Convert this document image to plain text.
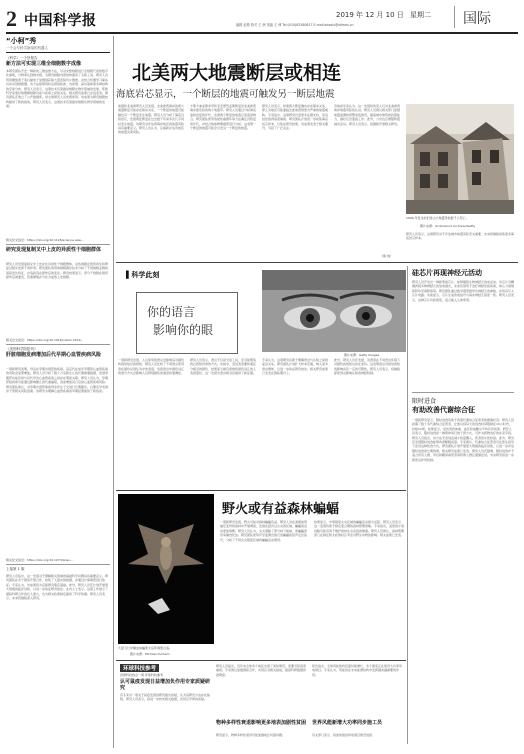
2 中国科学报	2019 年 12 月 10 日 星期二
编辑 赵路 校对 王 洲 美编 王 洲 Tel:(010)62580617 E-mail:zhaolu@stimes.cn	国际
“小柯”秀
一个会写科学新闻的机器人
《科学》一个快报告
新方法可实现三维全细胞数字成像
本研究团队开发一种新的三维成像方法，可对完整细胞进行全细胞尺度的数字化重建，分辨率达到纳米级，为研究细胞内部结构提供了全新工具。研究人员利用聚焦离子束扫描电子显微镜获取大量连续切片图像，并结合机器学习算法自动识别细胞器。该方法能够同时呈现线粒体、内质网、高尔基体等多种结构的空间分布。研究人员表示，这项技术有望推动细胞生物学领域的发展，帮助科学家更好地理解细胞功能与疾病之间的关系。相关研究成果已在线发表。研究团队还建立了公开数据库，供全球研究人员免费使用。该成果为研究细胞结构提供了新的视角。研究人员表示，这项技术有望推动细胞生物学领域的发展。
相关论文信息：https://doi.org/10.1126/science.aaw...
研究发现复制叉中上皮的异质性干细胞群体
研究人员发现复制叉中上皮存在异质性干细胞群体，这些细胞在组织再生和修复过程中发挥不同作用。研究团队利用单细胞测序技术分析了不同细胞亚群的基因表达特征，并追踪其在损伤后的变化。研究结果显示，部分干细胞在组织损伤后被激活，迅速增殖并分化为成熟上皮细胞。
相关论文信息：https://doi.org/10.1016/j.stem.2019...
《美国科学院院刊》
肝脏细胞发病增加后代早期心血管疾病风险
一项新研究表明，母亲在孕期出现肝脏疾病，其后代在成年早期患心血管疾病的风险会显著增加。研究人员分析了数十万名新生儿的长期健康数据，发现孕期肝功能异常与后代早发心血管疾病之间存在明显关联。研究人员认为，孕期肝脏疾病可能通过影响胎儿的代谢编程，进而增加其日后的心血管疾病风险。研究团队建议，对孕期出现肝病的母亲所生子女进行长期随访，以便及早发现并干预相关风险因素。该研究为理解心血管疾病的早期起源提供了新线索。
相关论文信息：https://doi.org/10.1073/pnas...
上接第 1 版
研究人员指出，这一发现对于理解相关领域的基础科学问题具有重要意义。研究团队在多个国家开展合作，收集了大量实验数据，并通过计算模型进行验证。专家认为，该成果将为后续研究奠定基础。此外，研究人员还计划开展更大规模的临床试验，以进一步验证研究结论。业内人士表示，这项工作展示了国际科研合作的巨大潜力，也为相关政策制定提供了科学依据。研究人员表示，未来将继续深入研究。
北美两大地震断层或相连
海底岩芯显示，一个断层的地震可触发另一断层地震
美国和北美洲研究人员发现，北美洲西海岸的两大地震断层可能存在联动关系，一个断层的地震可能触发另一个断层发生地震。研究人员分析了海底沉积岩芯，发现两处断层在过去数千年间多次几乎同时发生地震。该研究对评估西海岸地区的地震风险具有重要意义。研究人员认为，应重新评估该地区的地震灾害风险。
卡斯卡迪亚俯冲带和圣安德烈亚斯断层是北美洲西海岸最危险的两个地震带。研究人员通过分析海底浊积岩层的年代，发现两个断层的地震记录高度吻合。研究团队使用放射性碳测年等方法确定沉积层的年代，并结合地球物理模型进行分析。这表明一个断层的地震可能会引发另一个断层的地震。
研究人员表示，如果两大断层确实存在联动关系，那么该地区可能面临比此前预想更为严重的地震威胁。专家指出，这项研究仍需更多证据支持，但其结论值得高度重视。研究团队计划进一步收集海底岩芯样本，以验证研究结果。该成果发表于相关期刊，引起了广泛关注。
有地质学家认为，这一发现将改变人们对北美洲西海岸地震风险的认识。研究人员建议相关部门加强地震监测和预警系统建设，提高城市建筑的抗震能力，做好应急准备工作。此外，公众也应增强防震减灾意识。研究人员表示，将继续开展相关研究。
（鲁 柏）
1906 年发生的旧金山大地震导致数千人死亡。
图片来源：Underwood Archives/Getty
研究人员表示，这项研究对于评估城市地震风险至关重要，未来将继续收集更多海底岩芯样本。
▌科学此刻
你的语言
影响你的眼
图片来源：Getty Images
一项新研究发现，人们使用的语言会影响其对颜色和视觉信息的感知。研究人员比较了不同语言使用者在颜色识别任务中的表现，发现语言中颜色词汇的划分方式会影响人们辨别颜色的速度和准确性。
研究人员表示，语言不仅是交流工具，还可能塑造我们感知世界的方式。实验中，受试者需要快速区分相近的颜色，结果显示拥有更细致颜色词汇的人表现更好。这一发现为语言相对论提供了新证据。
专家认为，这项研究有助于理解语言与认知之间的复杂关系。研究团队计划扩大样本范围，纳入更多语言群体，以进一步验证研究结论。相关研究成果已发表在国际期刊上。
此外，研究人员还发现，双语者在不同语言环境下对颜色的感知也存在差异。这表明语言对视觉感知的影响具有一定的可塑性。研究人员表示，将继续探索语言影响认知的神经机制。
硅芯片再现神经元活动
研究人员开发出一种新型硅芯片，能够模拟生物神经元的电活动。该芯片可精确再现多种神经元的放电模式，未来有望用于治疗神经系统疾病，如心力衰竭和阿尔茨海默病等。研究团队通过数学模型推导出神经元的参数，并将其写入芯片电路。实验显示，芯片生成的电信号与真实神经元高度一致。研究人员表示，这种芯片功耗极低，适合植入人体使用。
限时进食
有助改善代谢综合征
一项新研究显示，限时进食有助于改善代谢综合征患者的健康状况。研究人员招募了数十名代谢综合征患者，让他们将每天的进食时间限制在10小时内，持续12周。结果显示，受试者的体重、血压和血糖水平均有所改善。研究人员表示，限时进食是一种简单易行的干预方式，可作为药物治疗的补充手段。研究人员指出，该方法无需刻意减少热量摄入，患者依从性较高。此外，研究还发现限时进食能够改善睡眠质量。专家建议，代谢综合征患者可在医生指导下尝试这种饮食方式。研究团队计划开展更大规模的临床试验，以进一步评估限时进食的长期效果。相关研究成果已发表。研究人员还强调，限时进食并不适合所有人群，孕妇和糖尿病患者等特殊人群应谨慎尝试。未来研究将进一步探索其作用机制。
大量飞行中捕虫棕蝠使火后环境更合适。
图片来源：Michael Durham
野火或有益森林蝙蝠
一项新研究发现，野火可能对森林蝙蝠有益。研究人员在美国加利福尼亚州的森林中开展调查，发现在经历过火灾的区域，蝙蝠的活动更加频繁。研究人员认为，火灾清除了部分林下植被，使蝙蝠更容易捕食昆虫。研究团队使用声学监测设备记录蝙蝠的回声定位信号，分析了不同火灾强度区域的蝙蝠活动情况。
结果显示，中等强度火灾区域的蝙蝠活动最为活跃。研究人员表示，这一发现有助于制定更合理的森林管理策略。专家指出，适度的计划烧除可能有利于维护森林生态系统的健康。研究人员建议，森林管理部门在制定防火政策时应考虑对野生动物的影响。相关成果已发表。
环球科技参考
世界科技热点一周·环球科技参考
认可鼠疫发现日益增加负作用专家质疑研究
有专家对一项关于鼠疫发现的研究提出质疑，认为其研究方法存在缺陷。研究人员表示，将进一步核实相关数据，并回应学界的质疑。
研究人员指出，近年来全球多个地区出现了类似情况，需要引起高度重视。专家建议加强国际合作，共同应对相关挑战，提高科研数据的透明度。
物种多样性衰退影响更多地表加剧性贫困
研究显示，物种多样性衰退可能加剧地区贫困问题。
报告指出，全球风能装机容量持续增长，多个国家正在建设大功率风电项目。专家认为，风能将在未来能源结构中发挥越来越重要的作用。
世界风能新增大功率同步施工员
有关部门表示，将加快推进风电项目建设进度。
